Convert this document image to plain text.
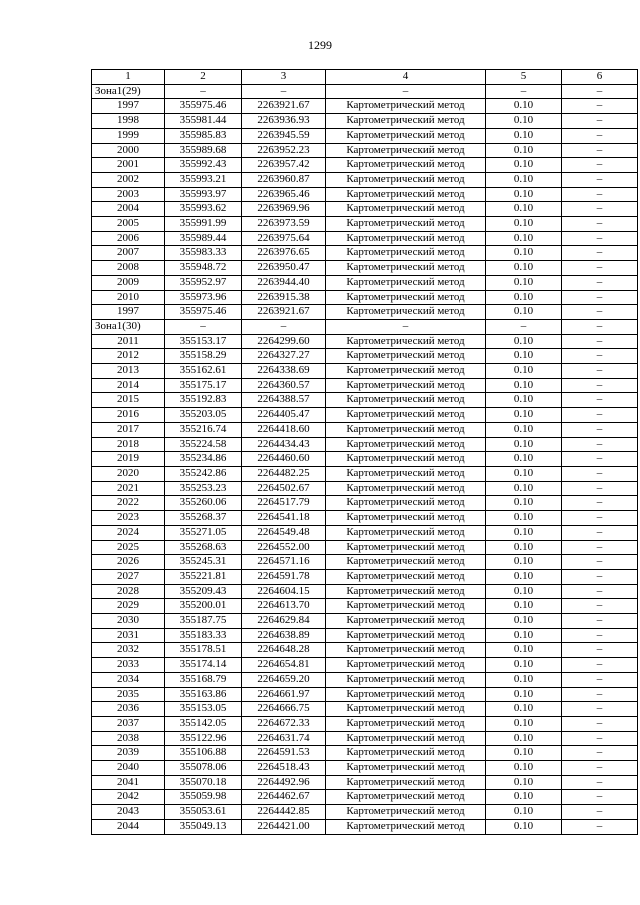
1299
1	2	3	4	5	6
Зона1(29)	–	–	–	–	–
1997	355975.46	2263921.67	Картометрический метод	0.10	–
1998	355981.44	2263936.93	Картометрический метод	0.10	–
1999	355985.83	2263945.59	Картометрический метод	0.10	–
2000	355989.68	2263952.23	Картометрический метод	0.10	–
2001	355992.43	2263957.42	Картометрический метод	0.10	–
2002	355993.21	2263960.87	Картометрический метод	0.10	–
2003	355993.97	2263965.46	Картометрический метод	0.10	–
2004	355993.62	2263969.96	Картометрический метод	0.10	–
2005	355991.99	2263973.59	Картометрический метод	0.10	–
2006	355989.44	2263975.64	Картометрический метод	0.10	–
2007	355983.33	2263976.65	Картометрический метод	0.10	–
2008	355948.72	2263950.47	Картометрический метод	0.10	–
2009	355952.97	2263944.40	Картометрический метод	0.10	–
2010	355973.96	2263915.38	Картометрический метод	0.10	–
1997	355975.46	2263921.67	Картометрический метод	0.10	–
Зона1(30)	–	–	–	–	–
2011	355153.17	2264299.60	Картометрический метод	0.10	–
2012	355158.29	2264327.27	Картометрический метод	0.10	–
2013	355162.61	2264338.69	Картометрический метод	0.10	–
2014	355175.17	2264360.57	Картометрический метод	0.10	–
2015	355192.83	2264388.57	Картометрический метод	0.10	–
2016	355203.05	2264405.47	Картометрический метод	0.10	–
2017	355216.74	2264418.60	Картометрический метод	0.10	–
2018	355224.58	2264434.43	Картометрический метод	0.10	–
2019	355234.86	2264460.60	Картометрический метод	0.10	–
2020	355242.86	2264482.25	Картометрический метод	0.10	–
2021	355253.23	2264502.67	Картометрический метод	0.10	–
2022	355260.06	2264517.79	Картометрический метод	0.10	–
2023	355268.37	2264541.18	Картометрический метод	0.10	–
2024	355271.05	2264549.48	Картометрический метод	0.10	–
2025	355268.63	2264552.00	Картометрический метод	0.10	–
2026	355245.31	2264571.16	Картометрический метод	0.10	–
2027	355221.81	2264591.78	Картометрический метод	0.10	–
2028	355209.43	2264604.15	Картометрический метод	0.10	–
2029	355200.01	2264613.70	Картометрический метод	0.10	–
2030	355187.75	2264629.84	Картометрический метод	0.10	–
2031	355183.33	2264638.89	Картометрический метод	0.10	–
2032	355178.51	2264648.28	Картометрический метод	0.10	–
2033	355174.14	2264654.81	Картометрический метод	0.10	–
2034	355168.79	2264659.20	Картометрический метод	0.10	–
2035	355163.86	2264661.97	Картометрический метод	0.10	–
2036	355153.05	2264666.75	Картометрический метод	0.10	–
2037	355142.05	2264672.33	Картометрический метод	0.10	–
2038	355122.96	2264631.74	Картометрический метод	0.10	–
2039	355106.88	2264591.53	Картометрический метод	0.10	–
2040	355078.06	2264518.43	Картометрический метод	0.10	–
2041	355070.18	2264492.96	Картометрический метод	0.10	–
2042	355059.98	2264462.67	Картометрический метод	0.10	–
2043	355053.61	2264442.85	Картометрический метод	0.10	–
2044	355049.13	2264421.00	Картометрический метод	0.10	–
